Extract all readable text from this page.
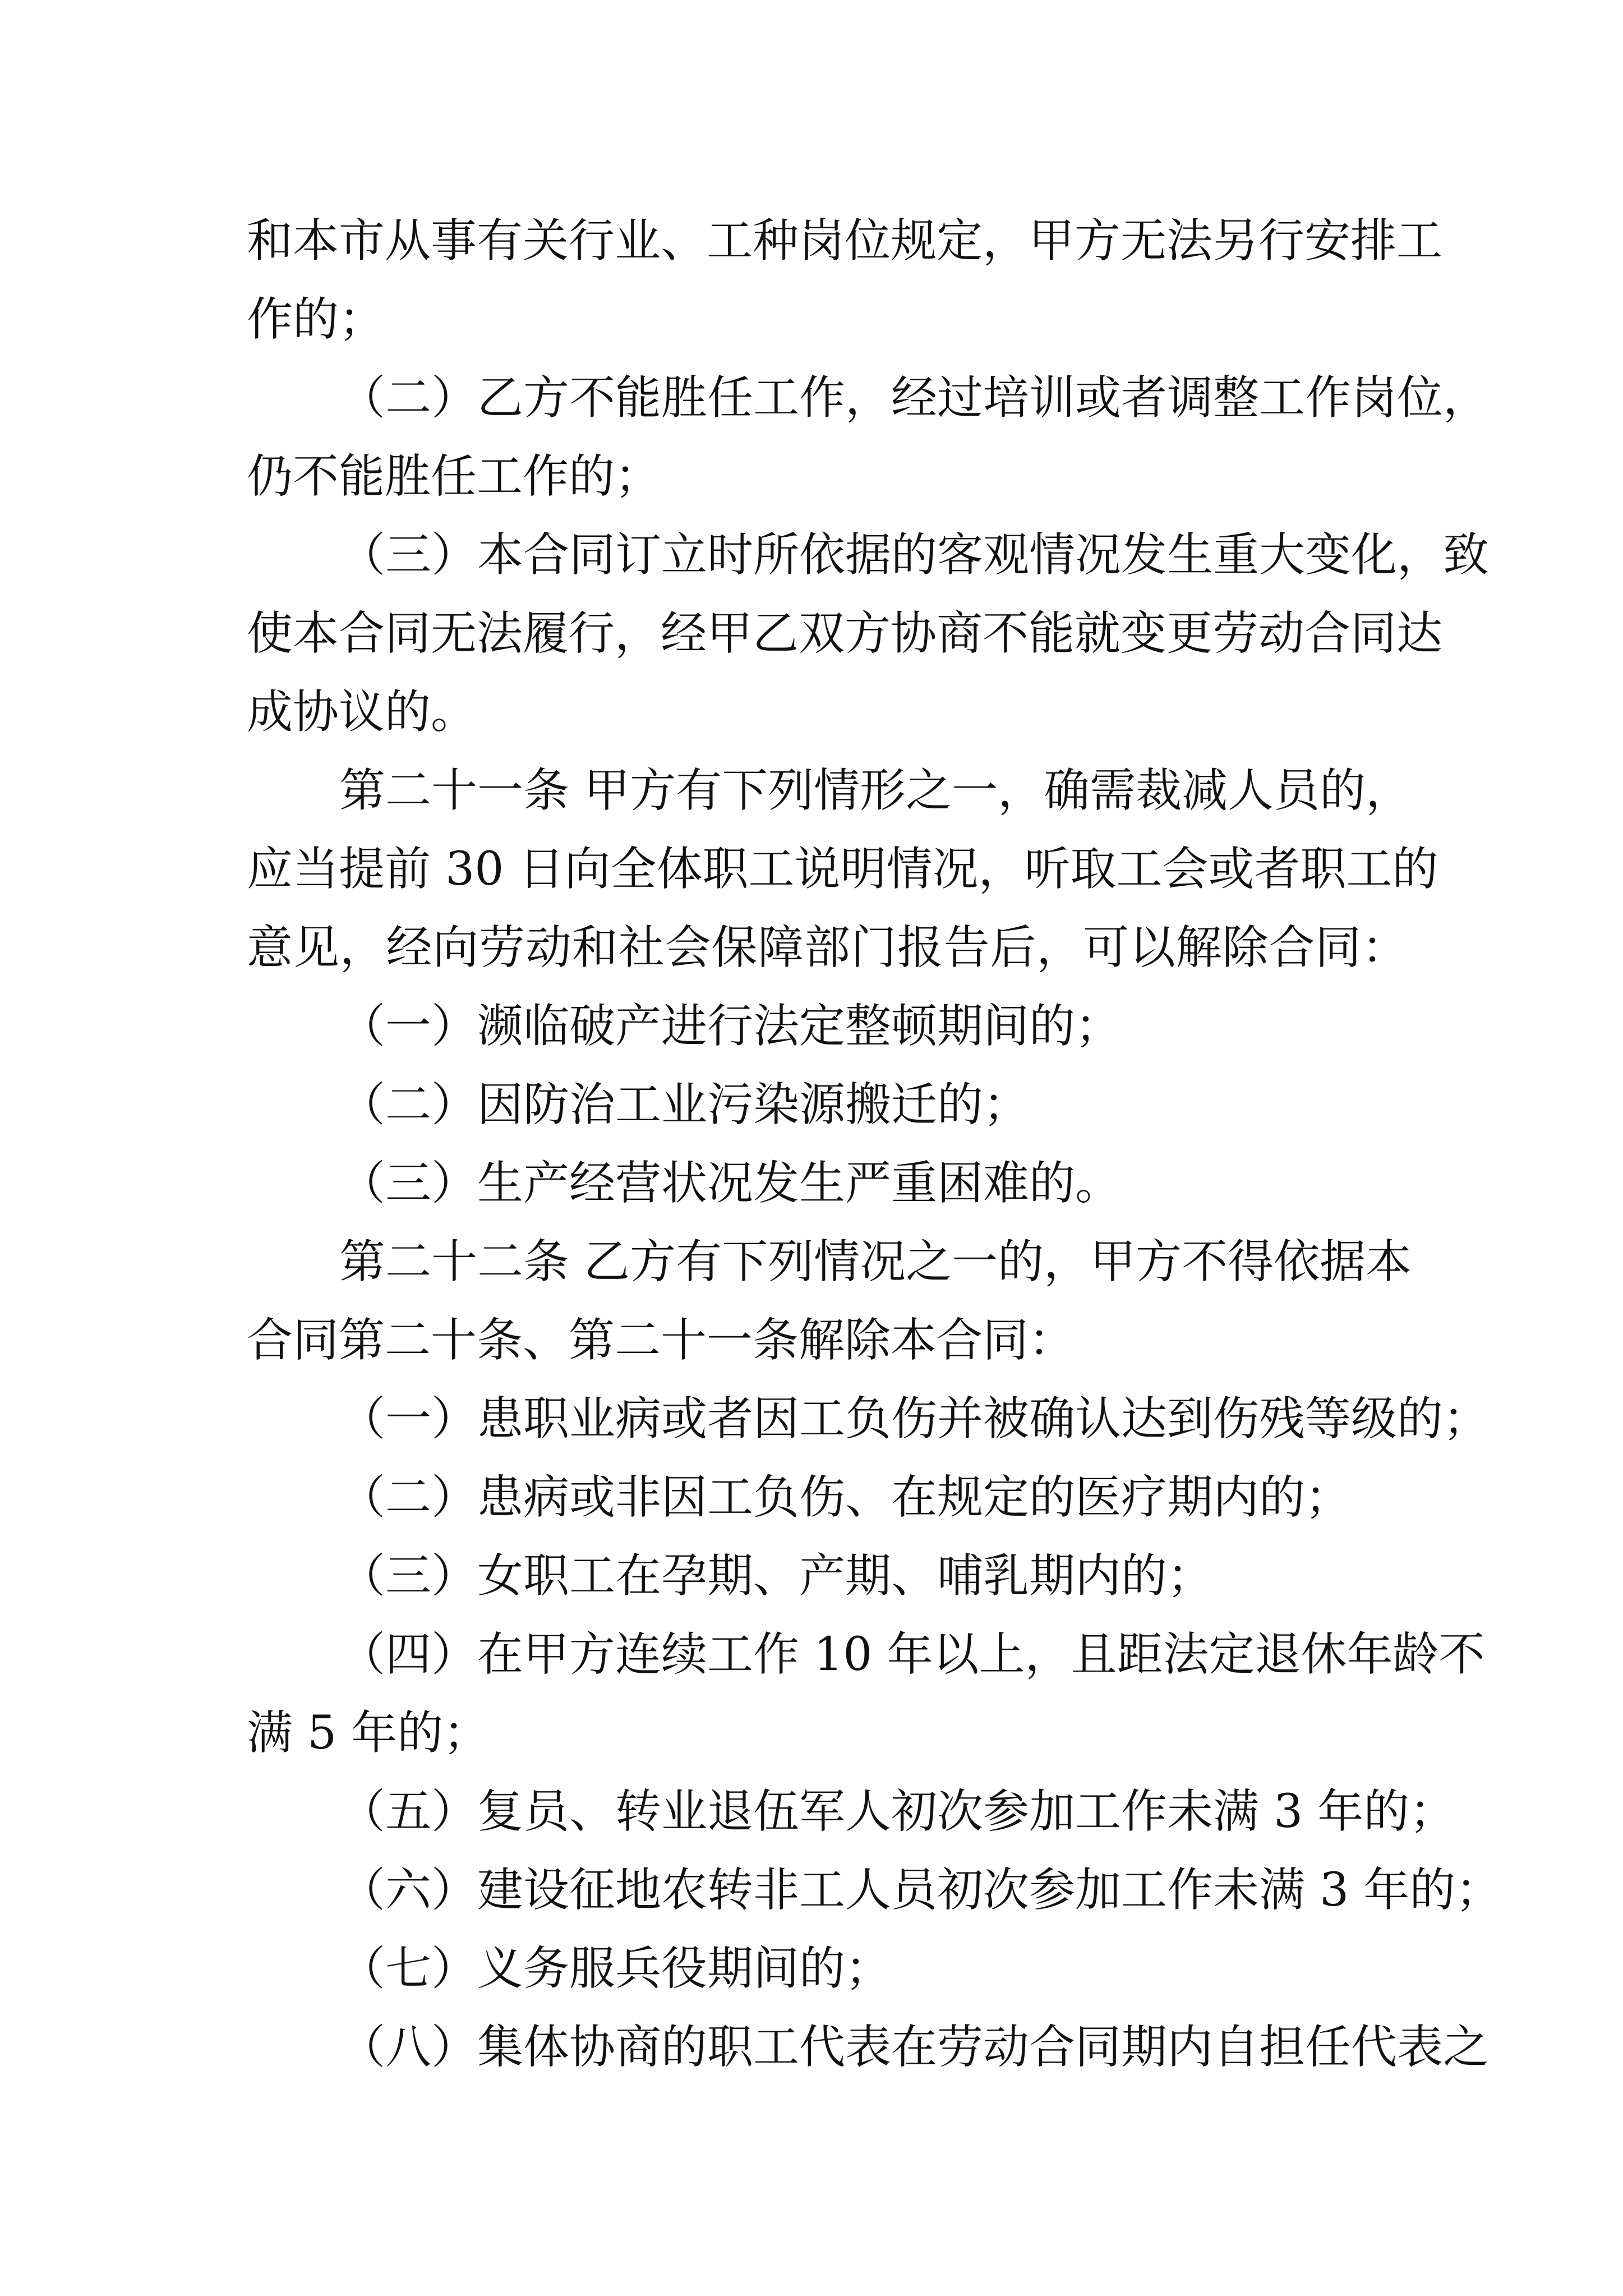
和本市从事有关行业、工种岗位规定，甲方无法另行安排工
作的；
（二）乙方不能胜任工作，经过培训或者调整工作岗位，
仍不能胜任工作的；
（三）本合同订立时所依据的客观情况发生重大变化，致
使本合同无法履行，经甲乙双方协商不能就变更劳动合同达
成协议的。
第二十一条 甲方有下列情形之一，确需裁减人员的，
应当提前 30 日向全体职工说明情况，听取工会或者职工的
意见，经向劳动和社会保障部门报告后，可以解除合同：
（一）濒临破产进行法定整顿期间的；
（二）因防治工业污染源搬迁的；
（三）生产经营状况发生严重困难的。
第二十二条 乙方有下列情况之一的，甲方不得依据本
合同第二十条、第二十一条解除本合同：
（一）患职业病或者因工负伤并被确认达到伤残等级的；
（二）患病或非因工负伤、在规定的医疗期内的；
（三）女职工在孕期、产期、哺乳期内的；
（四）在甲方连续工作 10 年以上，且距法定退休年龄不
满 5 年的；
（五）复员、转业退伍军人初次参加工作未满 3 年的；
（六）建设征地农转非工人员初次参加工作未满 3 年的；
（七）义务服兵役期间的；
（八）集体协商的职工代表在劳动合同期内自担任代表之
